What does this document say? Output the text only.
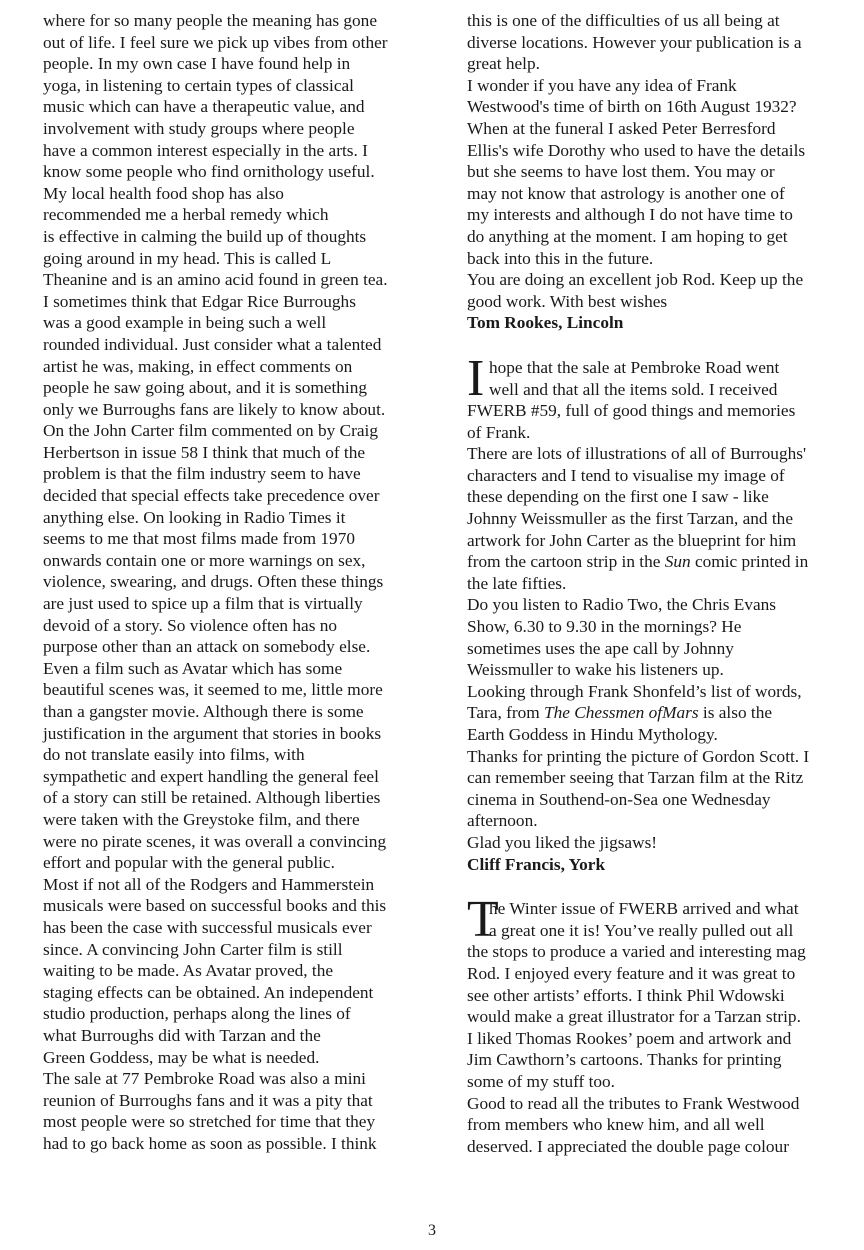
where for so many people the meaning has gone
out of life. I feel sure we pick up vibes from other
people. In my own case I have found help in
yoga, in listening to certain types of classical
music which can have a therapeutic value, and
involvement with study groups where people
have a common interest especially in the arts. I
know some people who find ornithology useful.
My local health food shop has also
recommended me a herbal remedy which
is effective in calming the build up of thoughts
going around in my head. This is called L
Theanine and is an amino acid found in green tea.
I sometimes think that Edgar Rice Burroughs
was a good example in being such a well
rounded individual. Just consider what a talented
artist he was, making, in effect comments on
people he saw going about, and it is something
only we Burroughs fans are likely to know about.
On the John Carter film commented on by Craig
Herbertson in issue 58 I think that much of the
problem is that the film industry seem to have
decided that special effects take precedence over
anything else. On looking in Radio Times it
seems to me that most films made from 1970
onwards contain one or more warnings on sex,
violence, swearing, and drugs. Often these things
are just used to spice up a film that is virtually
devoid of a story. So violence often has no
purpose other than an attack on somebody else.
Even a film such as Avatar which has some
beautiful scenes was, it seemed to me, little more
than a gangster movie. Although there is some
justification in the argument that stories in books
do not translate easily into films, with
sympathetic and expert handling the general feel
of a story can still be retained. Although liberties
were taken with the Greystoke film, and there
were no pirate scenes, it was overall a convincing
effort and popular with the general public.
Most if not all of the Rodgers and Hammerstein
musicals were based on successful books and this
has been the case with successful musicals ever
since. A convincing John Carter film is still
waiting to be made. As Avatar proved, the
staging effects can be obtained. An independent
studio production, perhaps along the lines of
what Burroughs did with Tarzan and the
Green Goddess, may be what is needed.
The sale at 77 Pembroke Road was also a mini
reunion of Burroughs fans and it was a pity that
most people were so stretched for time that they
had to go back home as soon as possible. I think
this is one of the difficulties of us all being at
diverse locations. However your publication is a
great help.
I wonder if you have any idea of Frank
Westwood's time of birth on 16th August 1932?
When at the funeral I asked Peter Berresford
Ellis's wife Dorothy who used to have the details
but she seems to have lost them. You may or
may not know that astrology is another one of
my interests and although I do not have time to
do anything at the moment. I am hoping to get
back into this in the future.
You are doing an excellent job Rod. Keep up the
good work. With best wishes
Tom Rookes, Lincoln
I hope that the sale at Pembroke Road went
well and that all the items sold. I received
FWERB #59, full of good things and memories
of Frank.
There are lots of illustrations of all of Burroughs'
characters and I tend to visualise my image of
these depending on the first one I saw - like
Johnny Weissmuller as the first Tarzan, and the
artwork for John Carter as the blueprint for him
from the cartoon strip in the Sun comic printed in
the late fifties.
Do you listen to Radio Two, the Chris Evans
Show, 6.30 to 9.30 in the mornings? He
sometimes uses the ape call by Johnny
Weissmuller to wake his listeners up.
Looking through Frank Shonfeld’s list of words,
Tara, from The Chessmen ofMars is also the
Earth Goddess in Hindu Mythology.
Thanks for printing the picture of Gordon Scott. I
can remember seeing that Tarzan film at the Ritz
cinema in Southend-on-Sea one Wednesday
afternoon.
Glad you liked the jigsaws!
Cliff Francis, York
T
he Winter issue of FWERB arrived and what
a great one it is! You’ve really pulled out all
the stops to produce a varied and interesting mag
Rod. I enjoyed every feature and it was great to
see other artists’ efforts. I think Phil Wdowski
would make a great illustrator for a Tarzan strip.
I liked Thomas Rookes’ poem and artwork and
Jim Cawthorn’s cartoons. Thanks for printing
some of my stuff too.
Good to read all the tributes to Frank Westwood
from members who knew him, and all well
deserved. I appreciated the double page colour
3
